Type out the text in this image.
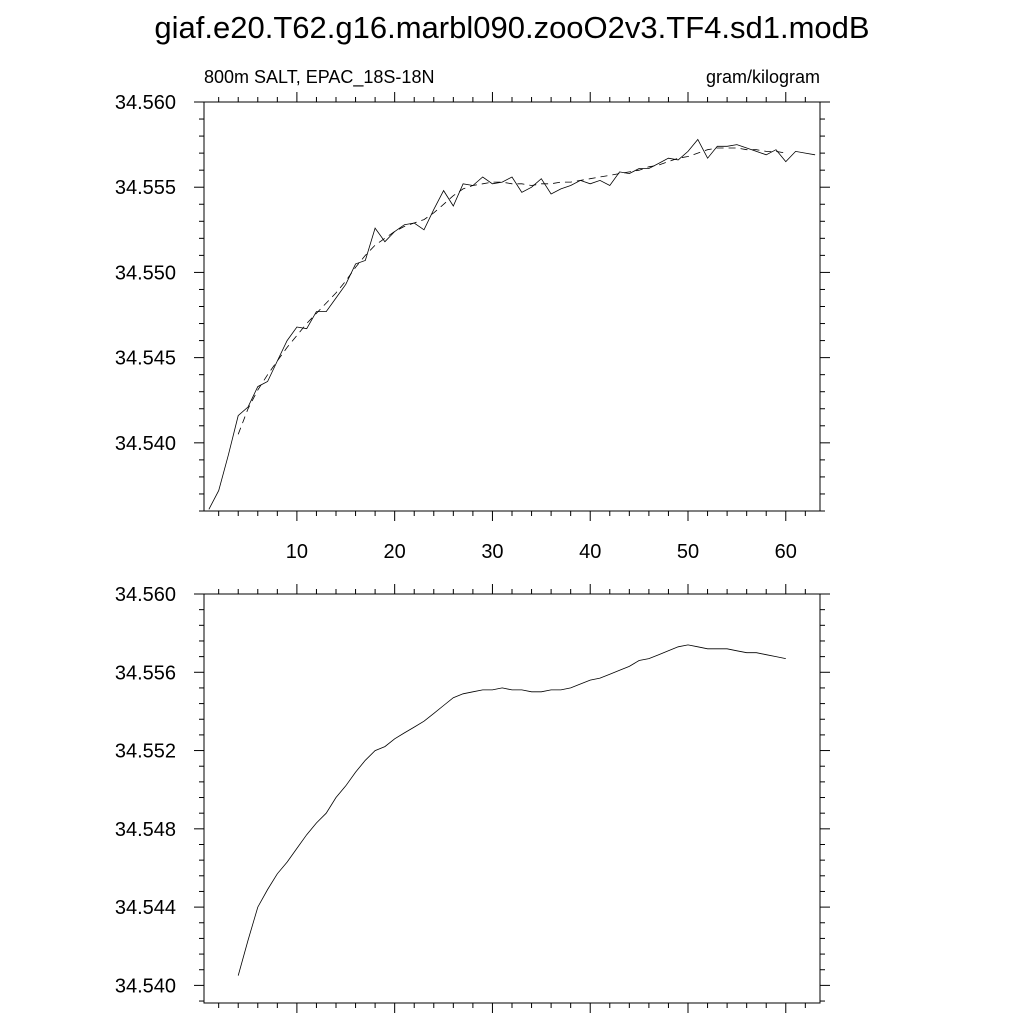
giaf.e20.T62.g16.marbl090.zooO2v3.TF4.sd1.modB
800m SALT, EPAC_18S-18N	gram/kilogram
34.540
34.545
34.550
34.555
34.560
10	20	30	40	50	60
34.540
34.544
34.548
34.552
34.556
34.560
